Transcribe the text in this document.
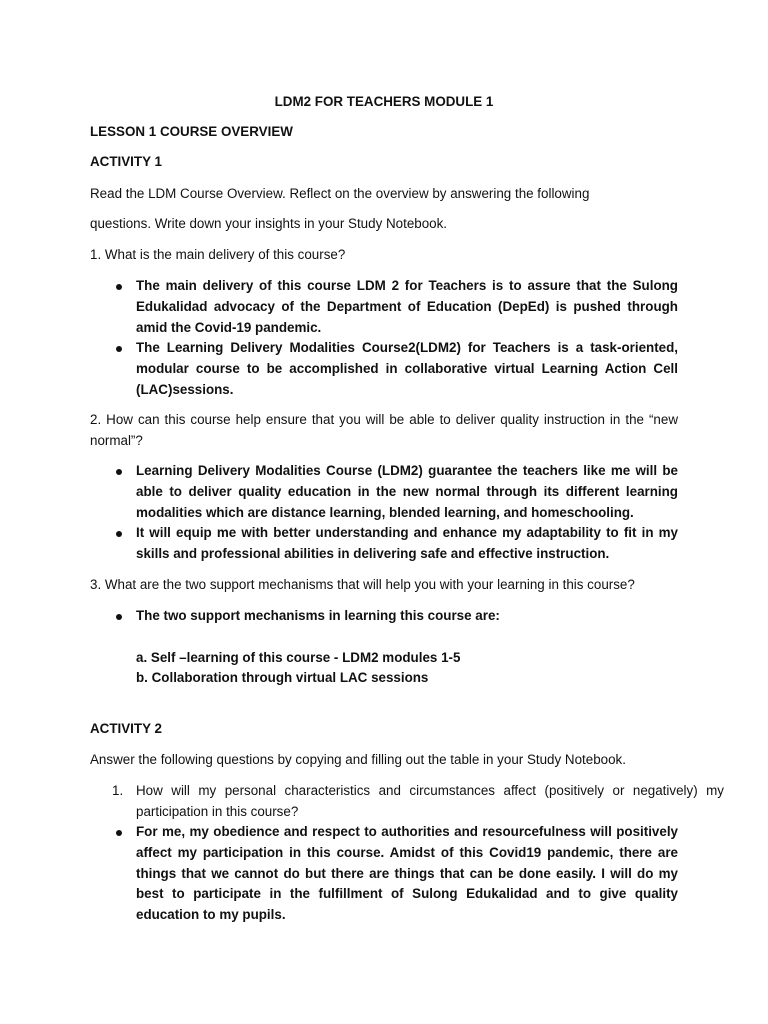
LDM2 FOR TEACHERS MODULE 1

LESSON 1 COURSE OVERVIEW

ACTIVITY 1

Read the LDM Course Overview. Reflect on the overview by answering the following

questions. Write down your insights in your Study Notebook.

1. What is the main delivery of this course?

The main delivery of this course LDM 2 for Teachers is to assure that the Sulong Edukalidad advocacy of the Department of Education (DepEd) is pushed through amid the Covid-19 pandemic.
The Learning Delivery Modalities Course2(LDM2) for Teachers is a task-oriented, modular course to be accomplished in collaborative virtual Learning Action Cell (LAC)sessions.

2. How can this course help ensure that you will be able to deliver quality instruction in the “new normal”?

Learning Delivery Modalities Course (LDM2) guarantee the teachers like me will be able to deliver quality education in the new normal through its different learning modalities which are distance learning, blended learning, and homeschooling.
It will equip me with better understanding and enhance my adaptability to fit in my skills and professional abilities in delivering safe and effective instruction.

3. What are the two support mechanisms that will help you with your learning in this course?

The two support mechanisms in learning this course are:

a. Self –learning of this course - LDM2 modules 1-5

b. Collaboration through virtual LAC sessions

ACTIVITY 2

Answer the following questions by copying and filling out the table in your Study Notebook.

1. How will my personal characteristics and circumstances affect (positively or negatively) my participation in this course?
For me, my obedience and respect to authorities and resourcefulness will positively affect my participation in this course. Amidst of this Covid19 pandemic, there are things that we cannot do but there are things that can be done easily. I will do my best to participate in the fulfillment of Sulong Edukalidad and to give quality education to my pupils.
